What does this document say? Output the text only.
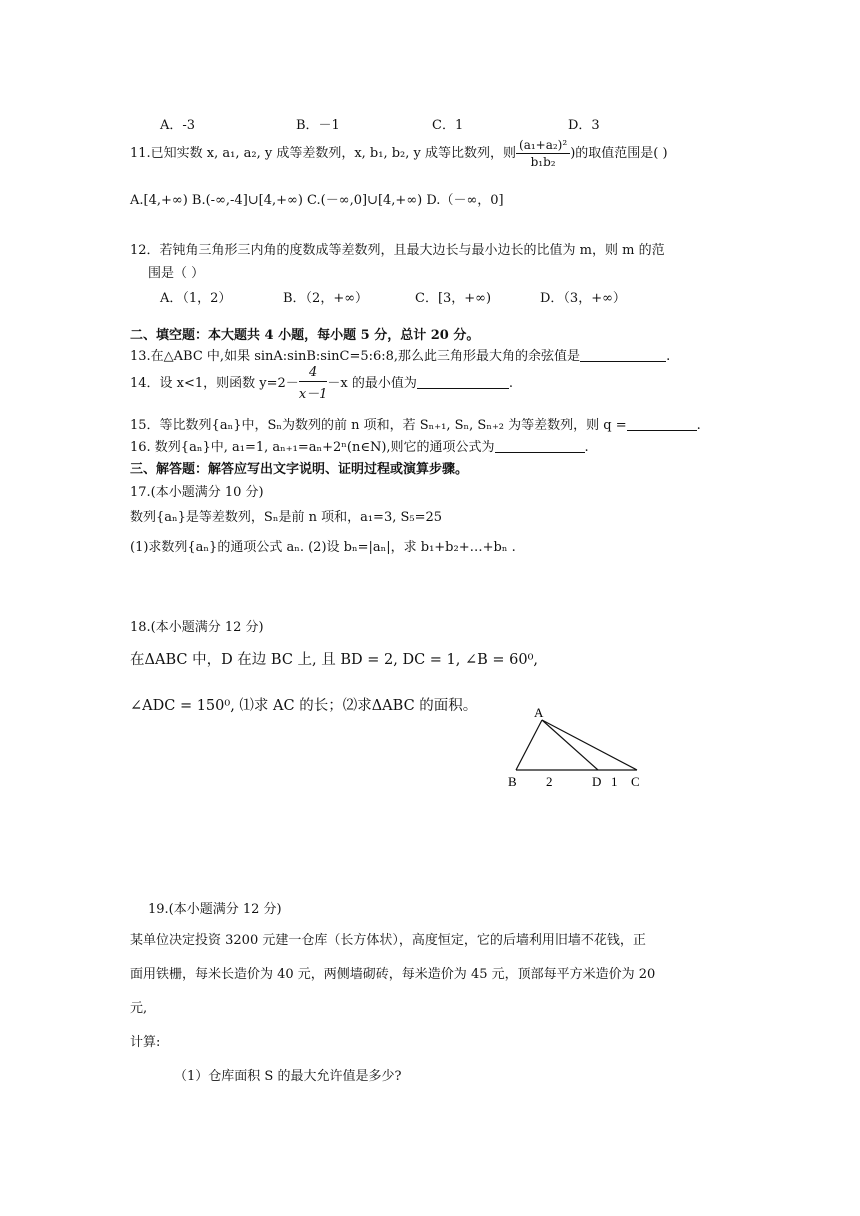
A．-3	B．－1	C．1	D．3
11.已知实数 x, a₁, a₂, y 成等差数列，x, b₁, b₂, y 成等比数列，则 $\frac{\text{(a₁+a₂)²}}{\text{b₁b₂}}$ )的取值范围是( )
A.[4,+∞) B.(-∞,-4]∪[4,+∞) C.(－∞,0]∪[4,+∞) D.（－∞，0]
12．若钝角三角形三内角的度数成等差数列，且最大边长与最小边长的比值为 m，则 m 的范
围是（ ）
A．（1，2）	B．（2，+∞）	C．[3，+∞)	D．（3，+∞）
二、填空题：本大题共 4 小题，每小题 5 分，总计 20 分。
13.在△ABC 中,如果 sinA:sinB:sinC=5:6:8,那么此三角形最大角的余弦值是	.
14．设 x<1，则函数 $y=2- \frac{4}{x-1} -x$ 的最小值为	.
15．等比数列{aₙ}中，Sₙ为数列的前 n 项和，若 Sₙ₊₁, Sₙ, Sₙ₊₂ 为等差数列，则 q =	.
16. 数列{aₙ}中, a₁=1, aₙ₊₁=aₙ+2ⁿ(n∈N),则它的通项公式为	.
三、解答题：解答应写出文字说明、证明过程或演算步骤。
17.(本小题满分 10 分)
数列{aₙ}是等差数列，Sₙ是前 n 项和，a₁=3, S₅=25
(1)求数列{aₙ}的通项公式 aₙ. (2)设 bₙ=|aₙ|，求 b₁+b₂+…+bₙ .
18.(本小题满分 12 分)
在ΔABC 中，D 在边 BC 上, 且 BD = 2, DC = 1, ∠B = 60⁰,
∠ADC = 150⁰, ⑴求 AC 的长；⑵求ΔABC 的面积。	A
B 2	D 1 C
19.(本小题满分 12 分)
某单位决定投资 3200 元建一仓库（长方体状），高度恒定，它的后墙利用旧墙不花钱，正
面用铁栅，每米长造价为 40 元，两侧墙砌砖，每米造价为 45 元，顶部每平方米造价为 20
元,
计算:
（1）仓库面积 S 的最大允许值是多少?
